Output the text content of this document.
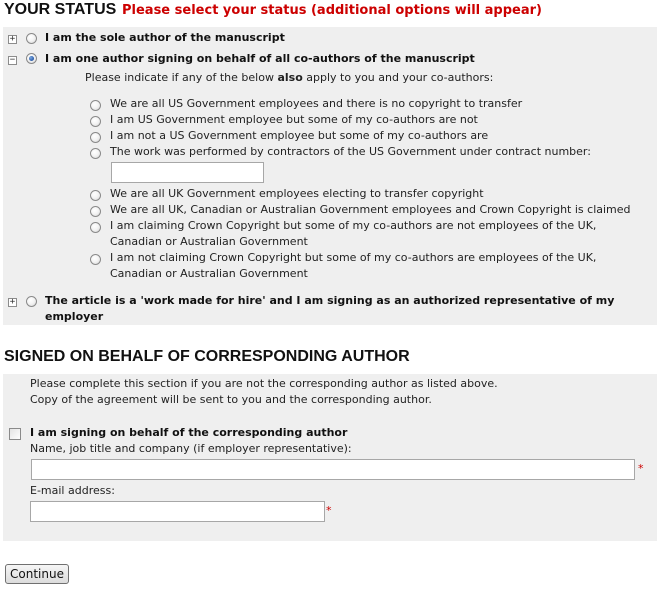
YOUR STATUS Please select your status (additional options will appear)
+	I am the sole author of the manuscript
−	I am one author signing on behalf of all co-authors of the manuscript
Please indicate if any of the below also apply to you and your co-authors:
We are all US Government employees and there is no copyright to transfer
I am US Government employee but some of my co-authors are not
I am not a US Government employee but some of my co-authors are
The work was performed by contractors of the US Government under contract number:
We are all UK Government employees electing to transfer copyright
We are all UK, Canadian or Australian Government employees and Crown Copyright is claimed
I am claiming Crown Copyright but some of my co-authors are not employees of the UK,
Canadian or Australian Government
I am not claiming Crown Copyright but some of my co-authors are employees of the UK,
Canadian or Australian Government
+	The article is a 'work made for hire' and I am signing as an authorized representative of my
employer
SIGNED ON BEHALF OF CORRESPONDING AUTHOR
Please complete this section if you are not the corresponding author as listed above.
Copy of the agreement will be sent to you and the corresponding author.
I am signing on behalf of the corresponding author
Name, job title and company (if employer representative):
*
E-mail address:
*
Continue
